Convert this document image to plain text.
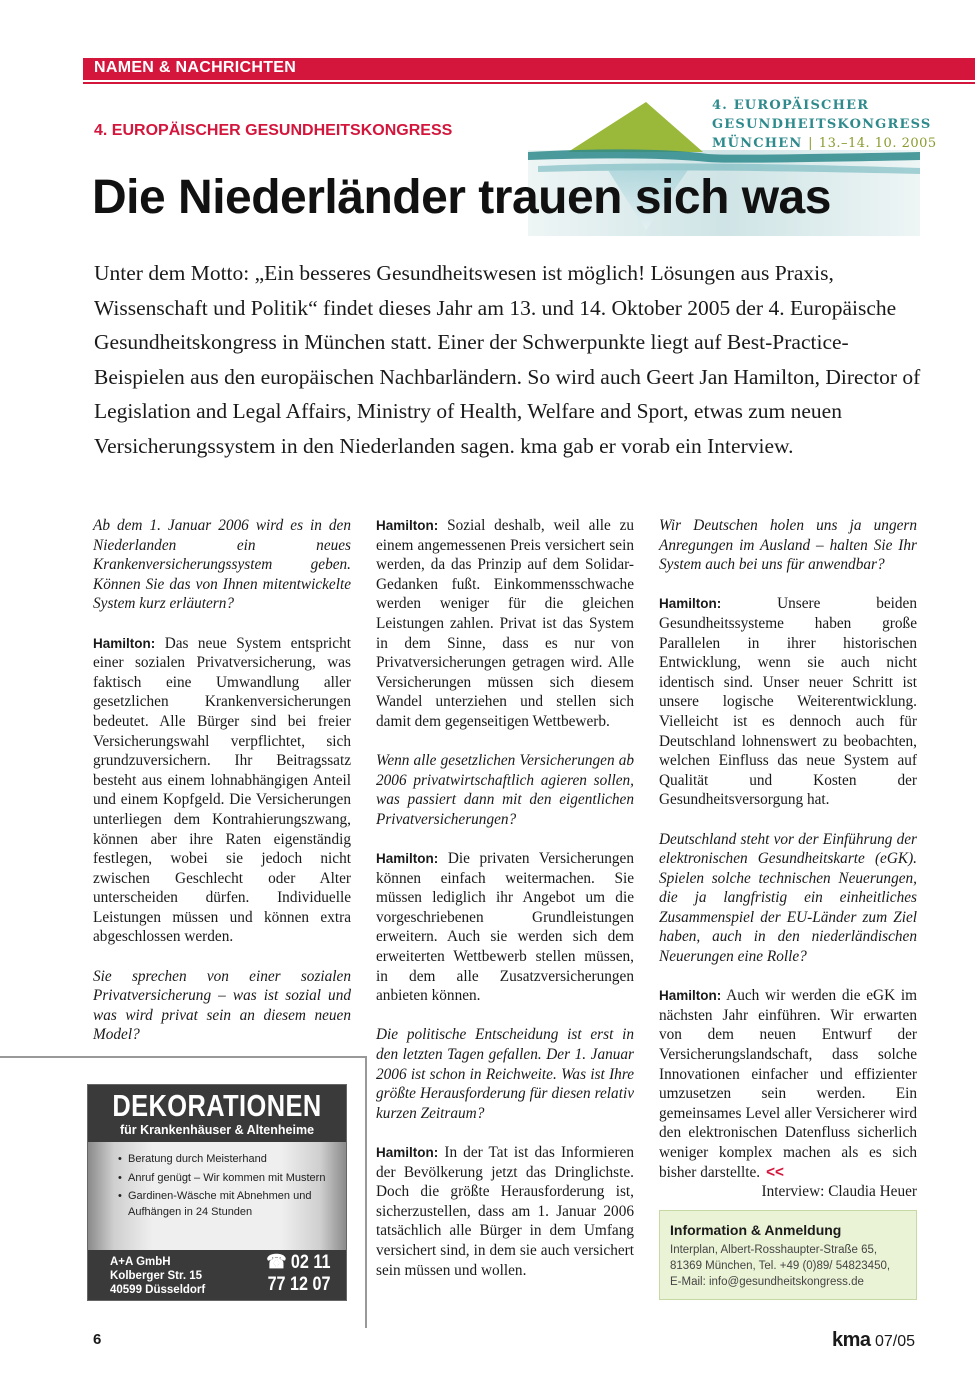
NAMEN & NACHRICHTEN
4. EUROPÄISCHER GESUNDHEITSKONGRESS
4. EUROPÄISCHER
GESUNDHEITSKONGRESS
MÜNCHEN | 13.–14. 10. 2005
Die Niederländer trauen sich was
Unter dem Motto: „Ein besseres Gesundheitswesen ist möglich! Lösungen aus Praxis, Wissenschaft und Politik“ findet dieses Jahr am 13. und 14. Oktober 2005 der 4. Europäische Gesundheitskongress in München statt. Einer der Schwerpunkte liegt auf Best-Practice-Beispielen aus den europäischen Nachbarländern. So wird auch Geert Jan Hamilton, Director of Legislation and Legal Affairs, Ministry of Health, Welfare and Sport, etwas zum neuen Versicherungssystem in den Niederlanden sagen. kma gab er vorab ein Interview.

Ab dem 1. Januar 2006 wird es in den Niederlanden ein neues Krankenversicherungssystem geben. Können Sie das von Ihnen mitentwickelte System kurz erläutern?

Hamilton: Das neue System entspricht einer sozialen Privatversicherung, was faktisch eine Umwandlung aller gesetzlichen Krankenversicherungen bedeutet. Alle Bürger sind bei freier Versicherungswahl verpflichtet, sich grundzuversichern. Ihr Beitragssatz besteht aus einem lohnabhängigen Anteil und einem Kopfgeld. Die Versicherungen unterliegen dem Kontrahierungszwang, können aber ihre Raten eigenständig festlegen, wobei sie jedoch nicht zwischen Geschlecht oder Alter unterscheiden dürfen. Individuelle Leistungen müssen und können extra abgeschlossen werden.

Sie sprechen von einer sozialen Privatversicherung – was ist sozial und was wird privat sein an diesem neuen Model?

Hamilton: Sozial deshalb, weil alle zu einem angemessenen Preis versichert sein werden, da das Prinzip auf dem Solidar-Gedanken fußt. Einkommensschwache werden weniger für die gleichen Leistungen zahlen. Privat ist das System in dem Sinne, dass es nur von Privatversicherungen getragen wird. Alle Versicherungen müssen sich diesem Wandel unterziehen und stellen sich damit dem gegenseitigen Wettbewerb.

Wenn alle gesetzlichen Versicherungen ab 2006 privatwirtschaftlich agieren sollen, was passiert dann mit den eigentlichen Privatversicherungen?

Hamilton: Die privaten Versicherungen können einfach weitermachen. Sie müssen lediglich ihr Angebot um die vorgeschriebenen Grundleistungen erweitern. Auch sie werden sich dem erweiterten Wettbewerb stellen müssen, in dem alle Zusatzversicherungen anbieten können.

Die politische Entscheidung ist erst in den letzten Tagen gefallen. Der 1. Januar 2006 ist schon in Reichweite. Was ist Ihre größte Herausforderung für diesen relativ kurzen Zeitraum?

Hamilton: In der Tat ist das Informieren der Bevölkerung jetzt das Dringlichste. Doch die größte Herausforderung ist, sicherzustellen, dass am 1. Januar 2006 tatsächlich alle Bürger in dem Umfang versichert sind, in dem sie auch versichert sein müssen und wollen.

Wir Deutschen holen uns ja ungern Anregungen im Ausland – halten Sie Ihr System auch bei uns für anwendbar?

Hamilton:	Unsere beiden Gesundheitssysteme haben große Parallelen in ihrer historischen Entwicklung, wenn sie auch nicht identisch sind. Unser neuer Schritt ist unsere logische Weiterentwicklung. Vielleicht ist es dennoch auch für Deutschland lohnenswert zu beobachten, welchen Einfluss das neue System auf Qualität und Kosten der Gesundheitsversorgung hat.

Deutschland steht vor der Einführung der elektronischen Gesundheitskarte (eGK). Spielen solche technischen Neuerungen, die ja langfristig ein einheitliches Zusammenspiel der EU-Länder zum Ziel haben, auch in den niederländischen Neuerungen eine Rolle?

Hamilton: Auch wir werden die eGK im nächsten Jahr einführen. Wir erwarten von dem neuen Entwurf der Versicherungslandschaft, dass solche Innovationen einfacher und effizienter umzusetzen sein werden. Ein gemeinsames Level aller Versicherer wird den elektronischen Datenfluss sicherlich weniger komplex machen als es sich bisher darstellte. <<

Interview: Claudia Heuer
DEKORATIONEN
für Krankenhäuser & Altenheime
• Beratung durch Meisterhand
• Anruf genügt – Wir kommen mit Mustern
• Gardinen-Wäsche mit Abnehmen und Aufhängen in 24 Stunden
A+A GmbH
Kolberger Str. 15
40599 Düsseldorf
☎ 02 11
77 12 07
Information & Anmeldung
Interplan, Albert-Rosshaupter-Straße 65,
81369 München, Tel. +49 (0)89/ 54823450,
E-Mail: info@gesundheitskongress.de
6	kma 07/05
